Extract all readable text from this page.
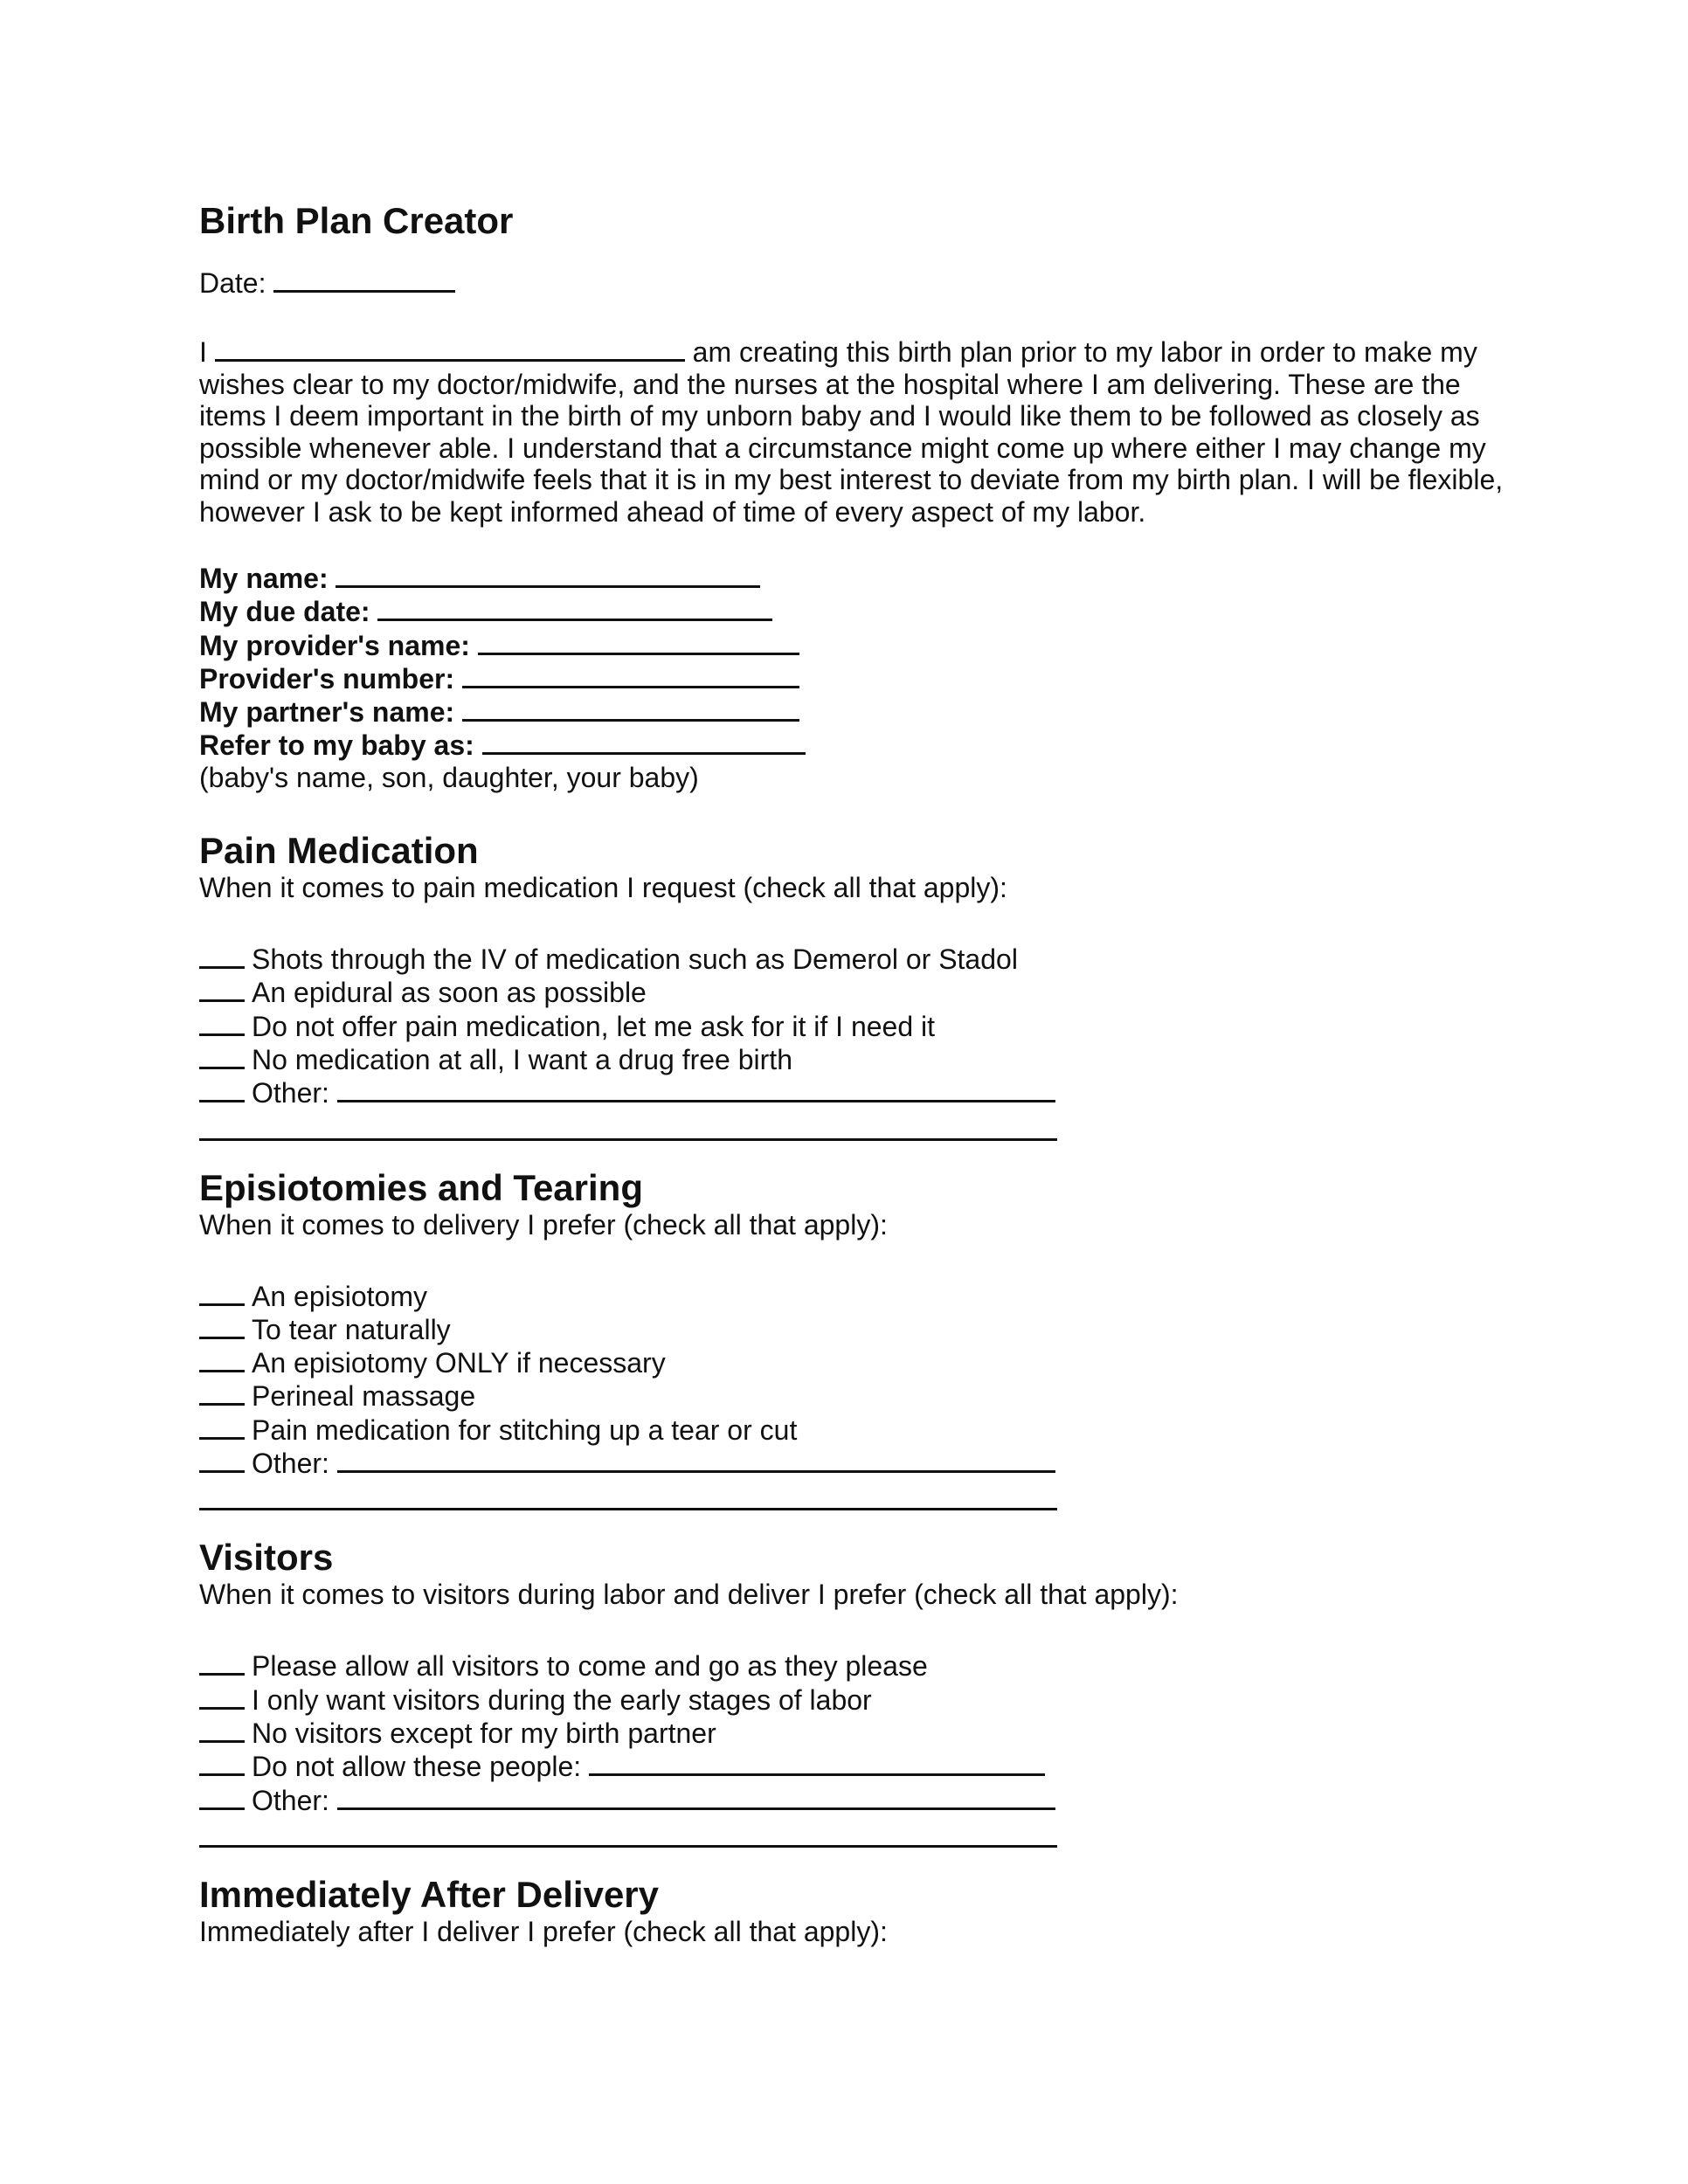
Birth Plan Creator
Date:
I	am creating this birth plan prior to my labor in order to make my wishes clear to my doctor/midwife, and the nurses at the hospital where I am delivering. These are the items I deem important in the birth of my unborn baby and I would like them to be followed as closely as possible whenever able. I understand that a circumstance might come up where either I may change my mind or my doctor/midwife feels that it is in my best interest to deviate from my birth plan. I will be flexible, however I ask to be kept informed ahead of time of every aspect of my labor.
My name:
My due date:
My provider's name:
Provider's number:
My partner's name:
Refer to my baby as:
(baby's name, son, daughter, your baby)
Pain Medication
When it comes to pain medication I request (check all that apply):
Shots through the IV of medication such as Demerol or Stadol
An epidural as soon as possible
Do not offer pain medication, let me ask for it if I need it
No medication at all, I want a drug free birth
Other:
Episiotomies and Tearing
When it comes to delivery I prefer (check all that apply):
An episiotomy
To tear naturally
An episiotomy ONLY if necessary
Perineal massage
Pain medication for stitching up a tear or cut
Other:
Visitors
When it comes to visitors during labor and deliver I prefer (check all that apply):
Please allow all visitors to come and go as they please
I only want visitors during the early stages of labor
No visitors except for my birth partner
Do not allow these people:
Other:
Immediately After Delivery
Immediately after I deliver I prefer (check all that apply):
